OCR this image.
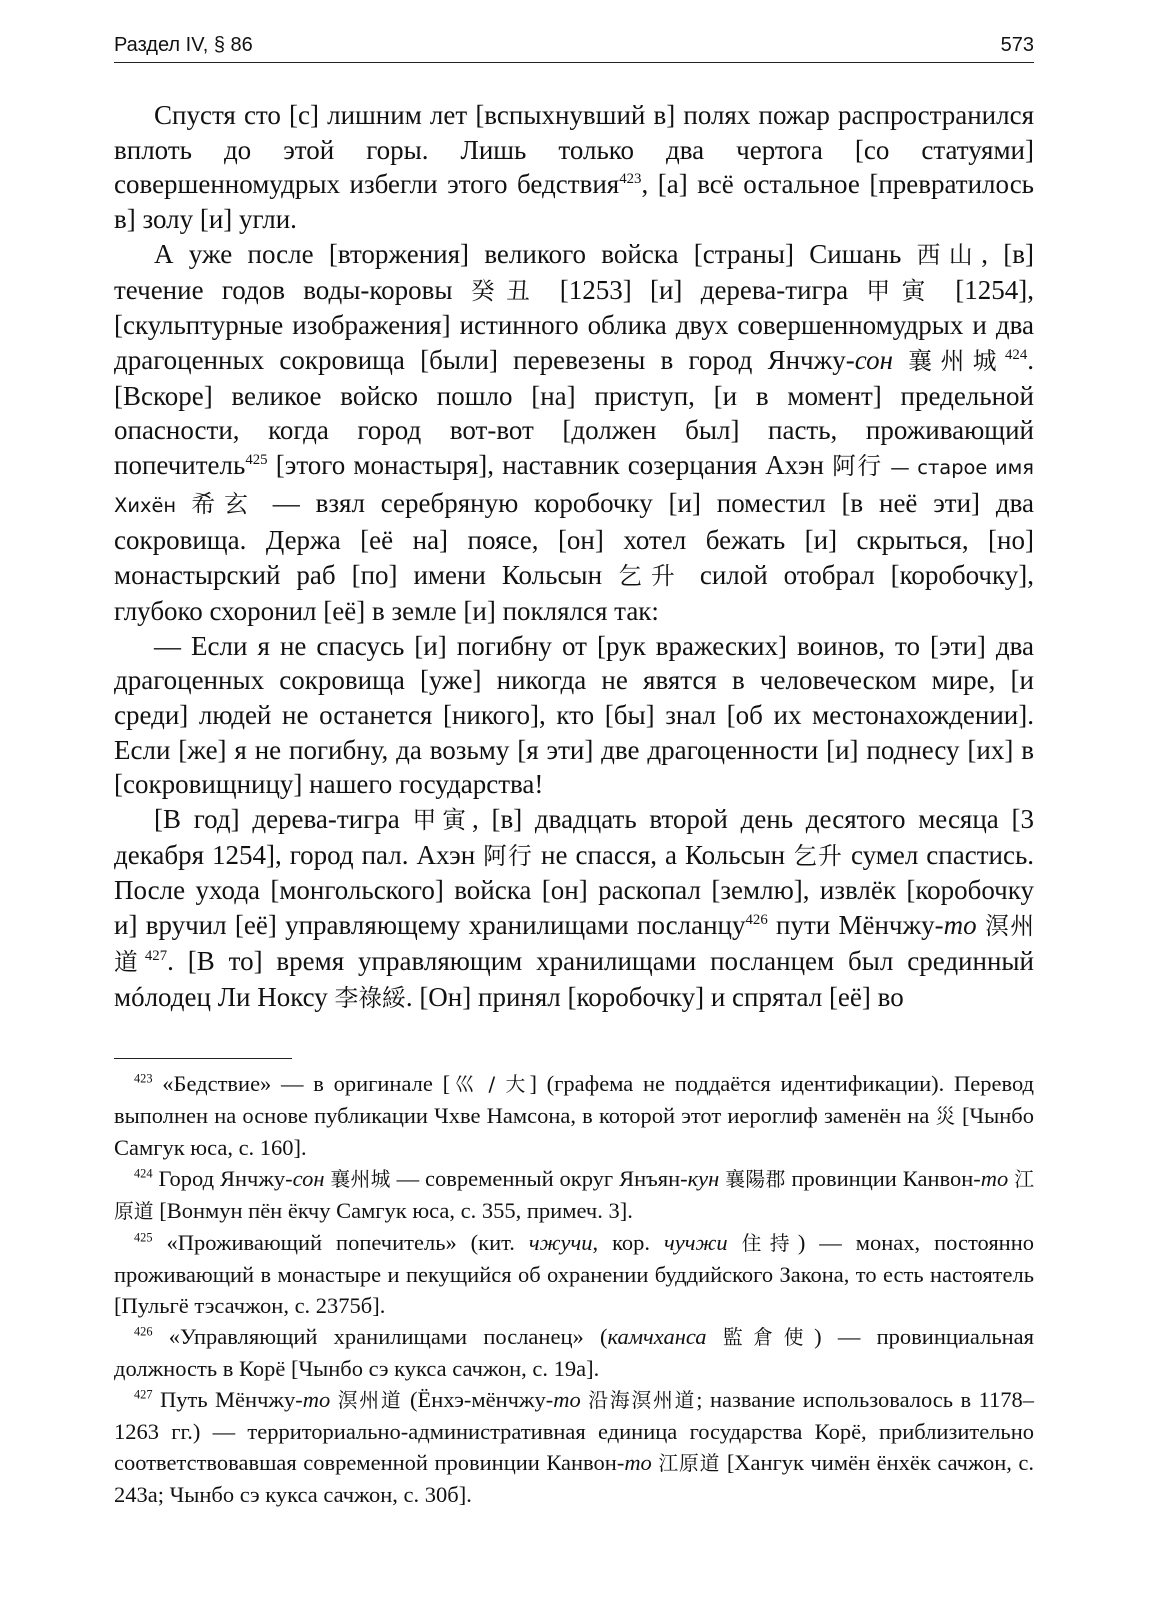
Раздел IV, § 86	573

Спустя сто [с] лишним лет [вспыхнувший в] полях пожар распространился вплоть до этой горы. Лишь только два чертога [со статуями] совершенномудрых избегли этого бедствия$^{423}$, [а] всё остальное [превратилось в] золу [и] угли.

А уже после [вторжения] великого войска [страны] Сишань 西山, [в] течение годов воды-коровы 癸丑 [1253] [и] дерева-тигра 甲寅 [1254], [скульптурные изображения] истинного облика двух совершенномудрых и два драгоценных сокровища [были] перевезены в город Янчжу-сон 襄州城$^{424}$. [Вскоре] великое войско пошло [на] приступ, [и в момент] предельной опасности, когда город вот-вот [должен был] пасть, проживающий попечитель$^{425}$ [этого монастыря], наставник созерцания Ахэн 阿行 — старое имя Хихён 希玄 — взял серебряную коробочку [и] поместил [в неё эти] два сокровища. Держа [её на] поясе, [он] хотел бежать [и] скрыться, [но] монастырский раб [по] имени Кольсын 乞升 силой отобрал [коробочку], глубоко схоронил [её] в земле [и] поклялся так:

— Если я не спасусь [и] погибну от [рук вражеских] воинов, то [эти] два драгоценных сокровища [уже] никогда не явятся в человеческом мире, [и среди] людей не останется [никого], кто [бы] знал [об их местонахождении]. Если [же] я не погибну, да возьму [я эти] две драгоценности [и] поднесу [их] в [сокровищницу] нашего государства!

[В год] дерева-тигра 甲寅, [в] двадцать второй день десятого месяца [3 декабря 1254], город пал. Ахэн 阿行 не спасся, а Кольсын 乞升 сумел спастись. После ухода [монгольского] войска [он] раскопал [землю], извлёк [коробочку и] вручил [её] управляющему хранилищами посланцу$^{426}$ пути Мёнчжу-то 溟州道$^{427}$. [В то] время управляющим хранилищами посланцем был срединный мóлодец Ли Ноксу 李祿綏. [Он] принял [коробочку] и спрятал [её] во

$^{423}$ «Бедствие» — в оригинале [巛 / 大] (графема не поддаётся идентификации). Перевод выполнен на основе публикации Чхве Намсона, в которой этот иероглиф заменён на 災 [Чынбо Самгук юса, с. 160].

$^{424}$ Город Янчжу-сон 襄州城 — современный округ Янъян-кун 襄陽郡 провинции Канвон-то 江原道 [Вонмун пён ёкчу Самгук юса, с. 355, примеч. 3].

$^{425}$ «Проживающий попечитель» (кит. чжучи, кор. чучжи 住持) — монах, постоянно проживающий в монастыре и пекущийся об охранении буддийского Закона, то есть настоятель [Пульгё тэсачжон, с. 2375б].

$^{426}$ «Управляющий хранилищами посланец» (камчханса 監倉使) — провинциальная должность в Корё [Чынбо сэ кукса сачжон, с. 19а].

$^{427}$ Путь Мёнчжу-то 溟州道 (Ёнхэ-мёнчжу-то 沿海溟州道; название использовалось в 1178–1263 гг.) — территориально-административная единица государства Корё, приблизительно соответствовавшая современной провинции Канвон-то 江原道 [Хангук чимён ёнхёк сачжон, с. 243а; Чынбо сэ кукса сачжон, с. 30б].
